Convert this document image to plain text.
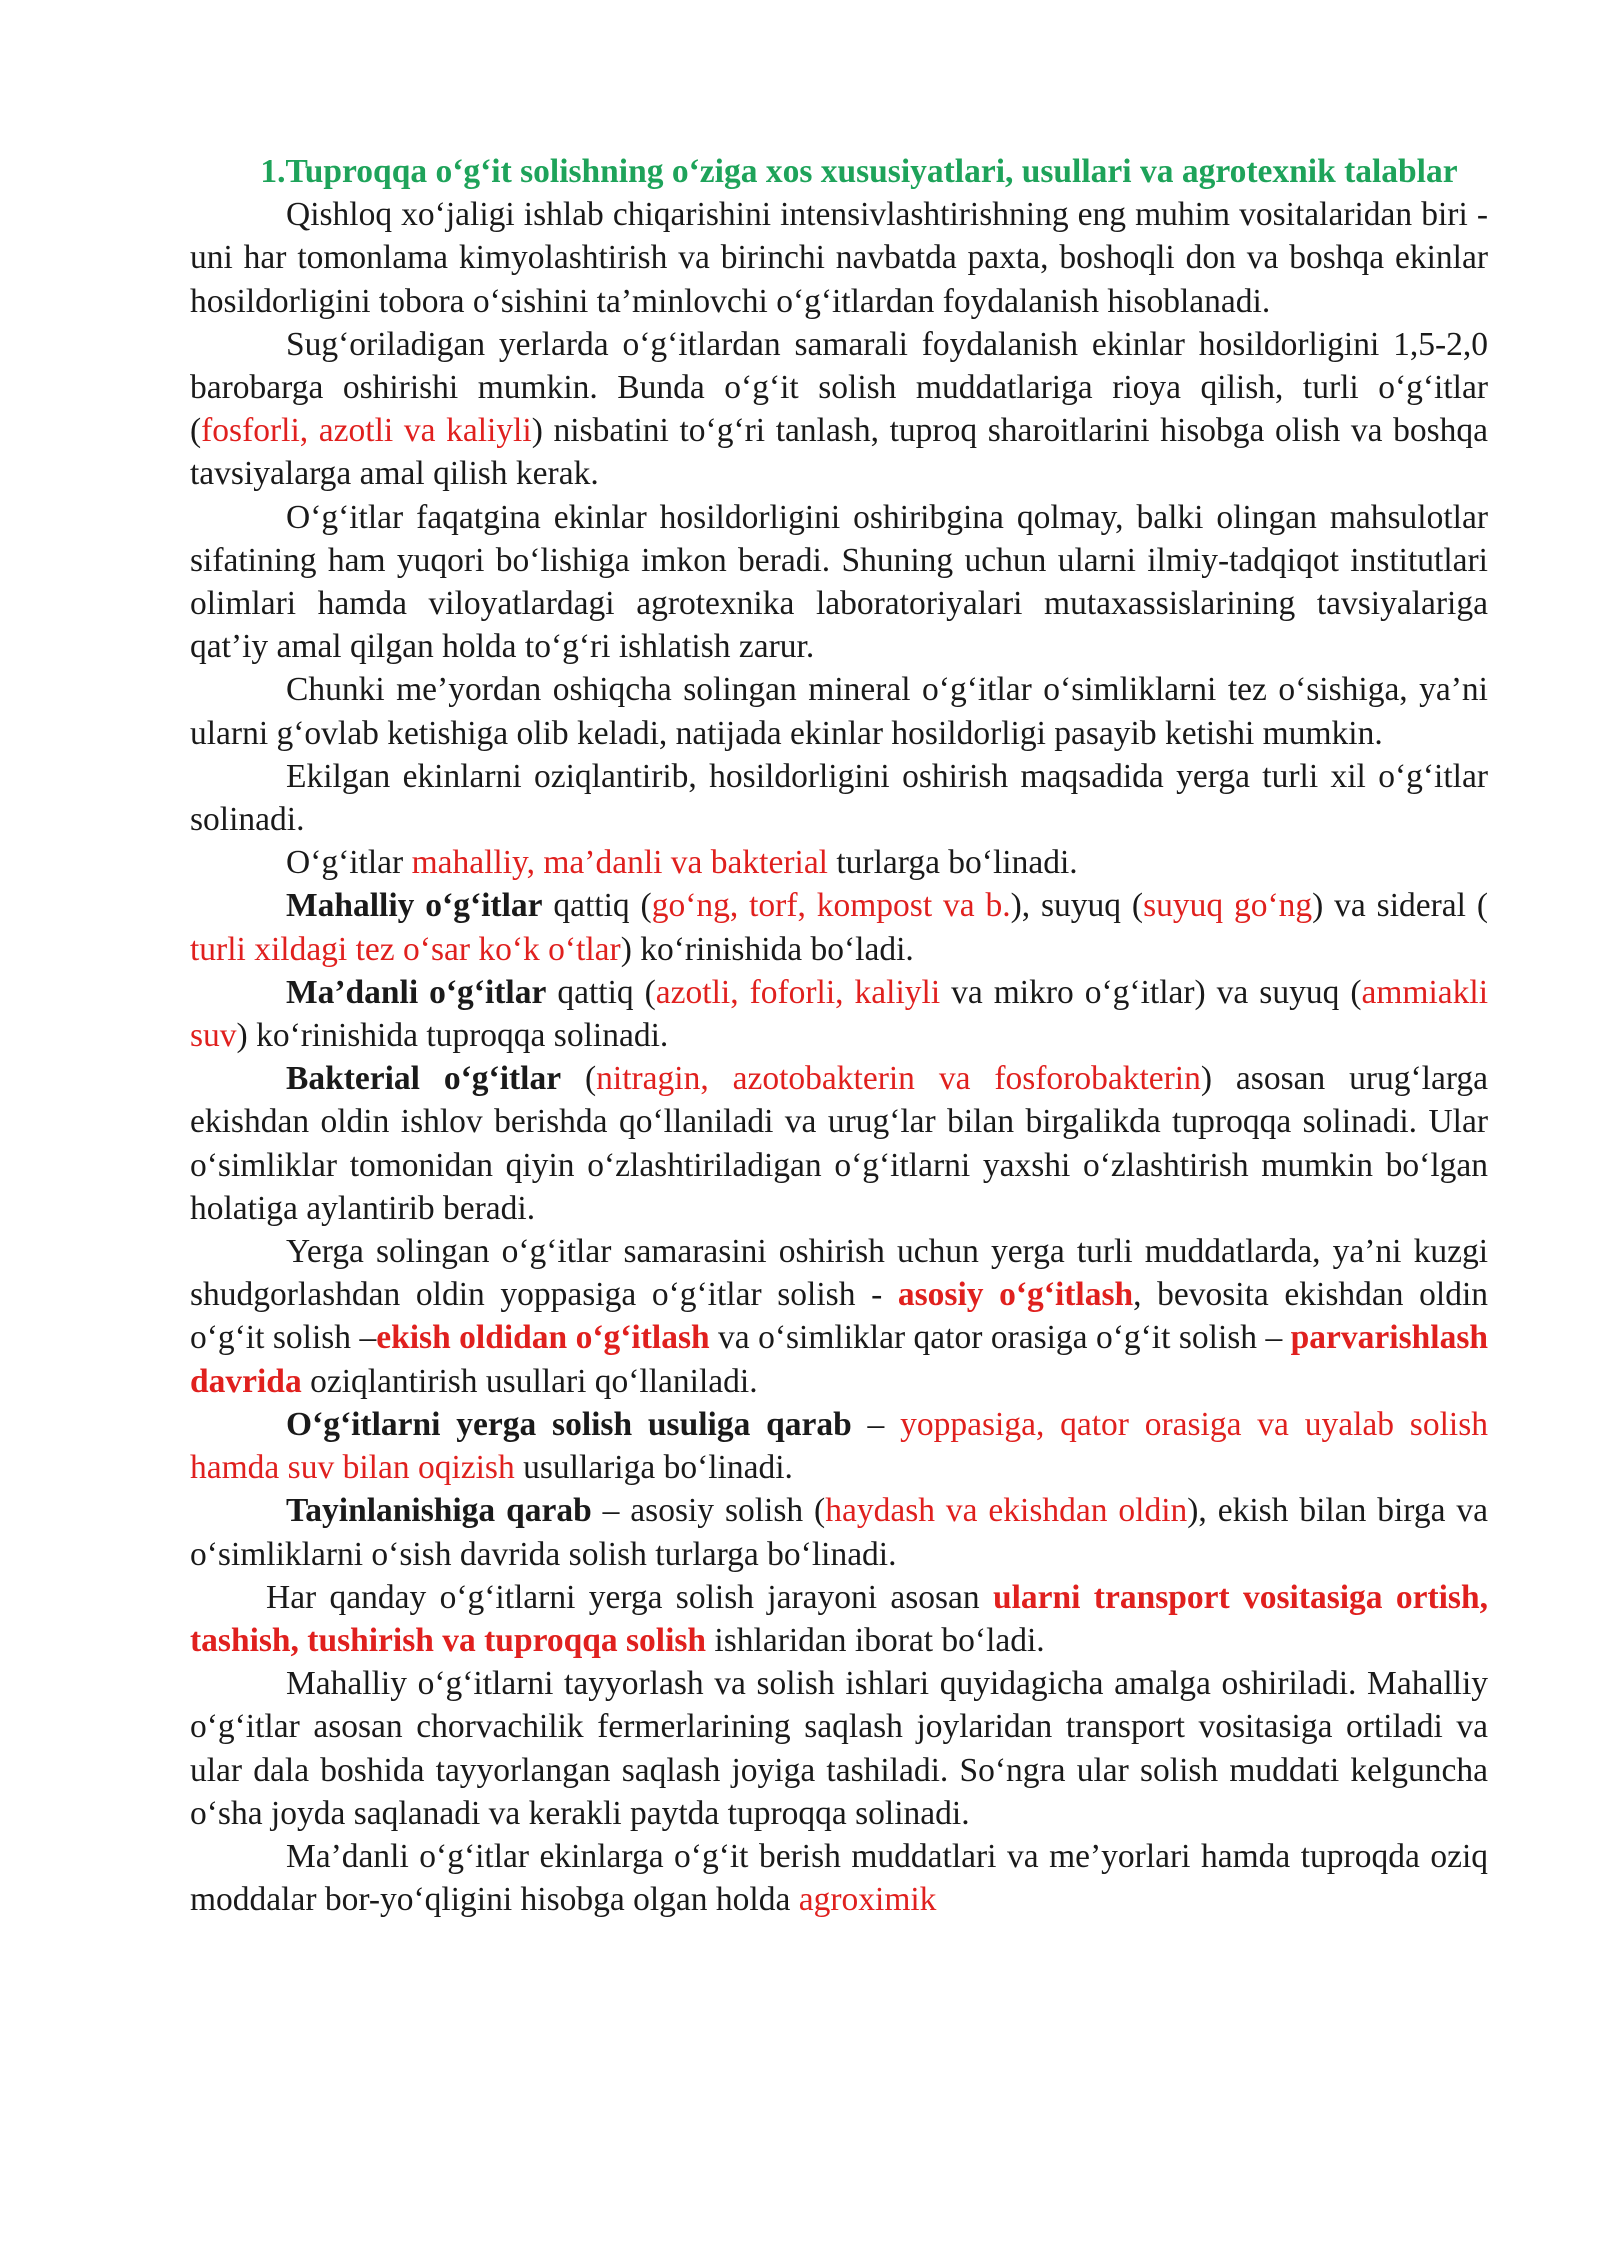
1.Tuproqqa o‘g‘it solishning o‘ziga xos xususiyatlari, usullari va agrotexnik talablar

Qishloq xo‘jaligi ishlab chiqarishini intensivlashtirishning eng muhim vositalaridan biri - uni har tomonlama kimyolashtirish va birinchi navbatda paxta, boshoqli don va boshqa ekinlar hosildorligini tobora o‘sishini ta’minlovchi o‘g‘itlardan foydalanish hisoblanadi.

Sug‘oriladigan yerlarda o‘g‘itlardan samarali foydalanish ekinlar hosildorligini 1,5-2,0 barobarga oshirishi mumkin. Bunda o‘g‘it solish muddatlariga rioya qilish, turli o‘g‘itlar (fosforli, azotli va kaliyli) nisbatini to‘g‘ri tanlash, tuproq sharoitlarini hisobga olish va boshqa tavsiyalarga amal qilish kerak.

O‘g‘itlar faqatgina ekinlar hosildorligini oshiribgina qolmay, balki olingan mahsulotlar sifatining ham yuqori bo‘lishiga imkon beradi. Shuning uchun ularni ilmiy-tadqiqot institutlari olimlari hamda viloyatlardagi agrotexnika laboratoriyalari mutaxassislarining tavsiyalariga qat’iy amal qilgan holda to‘g‘ri ishlatish zarur.

Chunki me’yordan oshiqcha solingan mineral o‘g‘itlar o‘simliklarni tez o‘sishiga, ya’ni ularni g‘ovlab ketishiga olib keladi, natijada ekinlar hosildorligi pasayib ketishi mumkin.

Ekilgan ekinlarni oziqlantirib, hosildorligini oshirish maqsadida yerga turli xil o‘g‘itlar solinadi.

O‘g‘itlar mahalliy, ma’danli va bakterial turlarga bo‘linadi.

Mahalliy o‘g‘itlar qattiq (go‘ng, torf, kompost va b.), suyuq (suyuq go‘ng) va sideral ( turli xildagi tez o‘sar ko‘k o‘tlar) ko‘rinishida bo‘ladi.

Ma’danli o‘g‘itlar qattiq (azotli, foforli, kaliyli va mikro o‘g‘itlar) va suyuq (ammiakli suv) ko‘rinishida tuproqqa solinadi.

Bakterial o‘g‘itlar (nitragin, azotobakterin va fosforobakterin) asosan urug‘larga ekishdan oldin ishlov berishda qo‘llaniladi va urug‘lar bilan birgalikda tuproqqa solinadi. Ular o‘simliklar tomonidan qiyin o‘zlashtiriladigan o‘g‘itlarni yaxshi o‘zlashtirish mumkin bo‘lgan holatiga aylantirib beradi.

Yerga solingan o‘g‘itlar samarasini oshirish uchun yerga turli muddatlarda, ya’ni kuzgi shudgorlashdan oldin yoppasiga o‘g‘itlar solish - asosiy o‘g‘itlash, bevosita ekishdan oldin o‘g‘it solish –ekish oldidan o‘g‘itlash va o‘simliklar qator orasiga o‘g‘it solish – parvarishlash davrida oziqlantirish usullari qo‘llaniladi.

O‘g‘itlarni yerga solish usuliga qarab – yoppasiga, qator orasiga va uyalab solish hamda suv bilan oqizish usullariga bo‘linadi.

Tayinlanishiga qarab – asosiy solish (haydash va ekishdan oldin), ekish bilan birga va o‘simliklarni o‘sish davrida solish turlarga bo‘linadi.

Har qanday o‘g‘itlarni yerga solish jarayoni asosan ularni transport vositasiga ortish, tashish, tushirish va tuproqqa solish ishlaridan iborat bo‘ladi.

Mahalliy o‘g‘itlarni tayyorlash va solish ishlari quyidagicha amalga oshiriladi. Mahalliy o‘g‘itlar asosan chorvachilik fermerlarining saqlash joylaridan transport vositasiga ortiladi va ular dala boshida tayyorlangan saqlash joyiga tashiladi. So‘ngra ular solish muddati kelguncha o‘sha joyda saqlanadi va kerakli paytda tuproqqa solinadi.

Ma’danli o‘g‘itlar ekinlarga o‘g‘it berish muddatlari va me’yorlari hamda tuproqda oziq moddalar bor-yo‘qligini hisobga olgan holda agroximik
